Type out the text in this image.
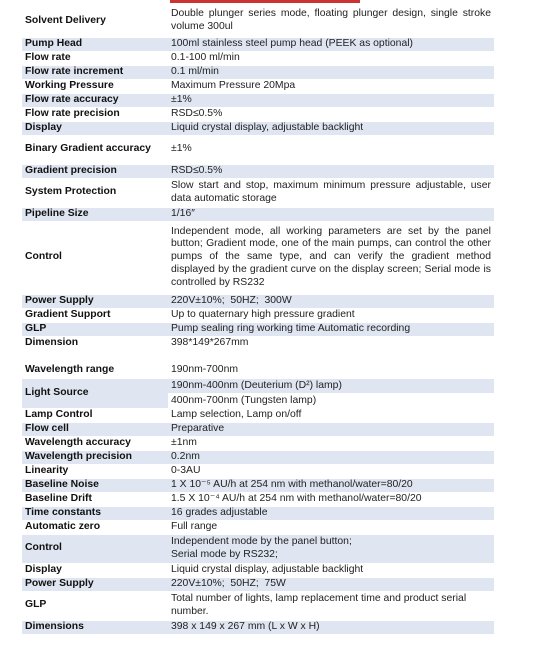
Solvent Delivery	Double plunger series mode, floating plunger design, single stroke volume 300ul
Pump Head	100ml stainless steel pump head (PEEK as optional)
Flow rate	0.1-100 ml/min
Flow rate increment	0.1 ml/min
Working Pressure	Maximum Pressure 20Mpa
Flow rate accuracy	±1%
Flow rate precision	RSD≤0.5%
Display	Liquid crystal display, adjustable backlight
Binary Gradient accuracy	±1%
Gradient precision	RSD≤0.5%
System Protection	Slow start and stop, maximum minimum pressure adjustable, user data automatic storage
Pipeline Size	1/16″
Control	Independent mode, all working parameters are set by the panel button; Gradient mode, one of the main pumps, can control the other pumps of the same type, and can verify the gradient method displayed by the gradient curve on the display screen; Serial mode is controlled by RS232
Power Supply	220V±10%;  50HZ;  300W
Gradient Support	Up to quaternary high pressure gradient
GLP	Pump sealing ring working time Automatic recording
Dimension	398*149*267mm
Wavelength range	190nm-700nm
Light Source	190nm-400nm (Deuterium (D²) lamp)
400nm-700nm (Tungsten lamp)

Lamp Control	Lamp selection, Lamp on/off
Flow cell	Preparative
Wavelength accuracy	±1nm
Wavelength precision	0.2nm
Linearity	0-3AU
Baseline Noise	1 X 10⁻⁵ AU/h at 254 nm with methanol/water=80/20
Baseline Drift	1.5 X 10⁻⁴ AU/h at 254 nm with methanol/water=80/20
Time constants	16 grades adjustable
Automatic zero	Full range
Control	Independent mode by the panel button;
Serial mode by RS232;

Display	Liquid crystal display, adjustable backlight
Power Supply	220V±10%;  50HZ;  75W
GLP	Total number of lights, lamp replacement time and product serial number.
Dimensions	398 x 149 x 267 mm (L x W x H)
